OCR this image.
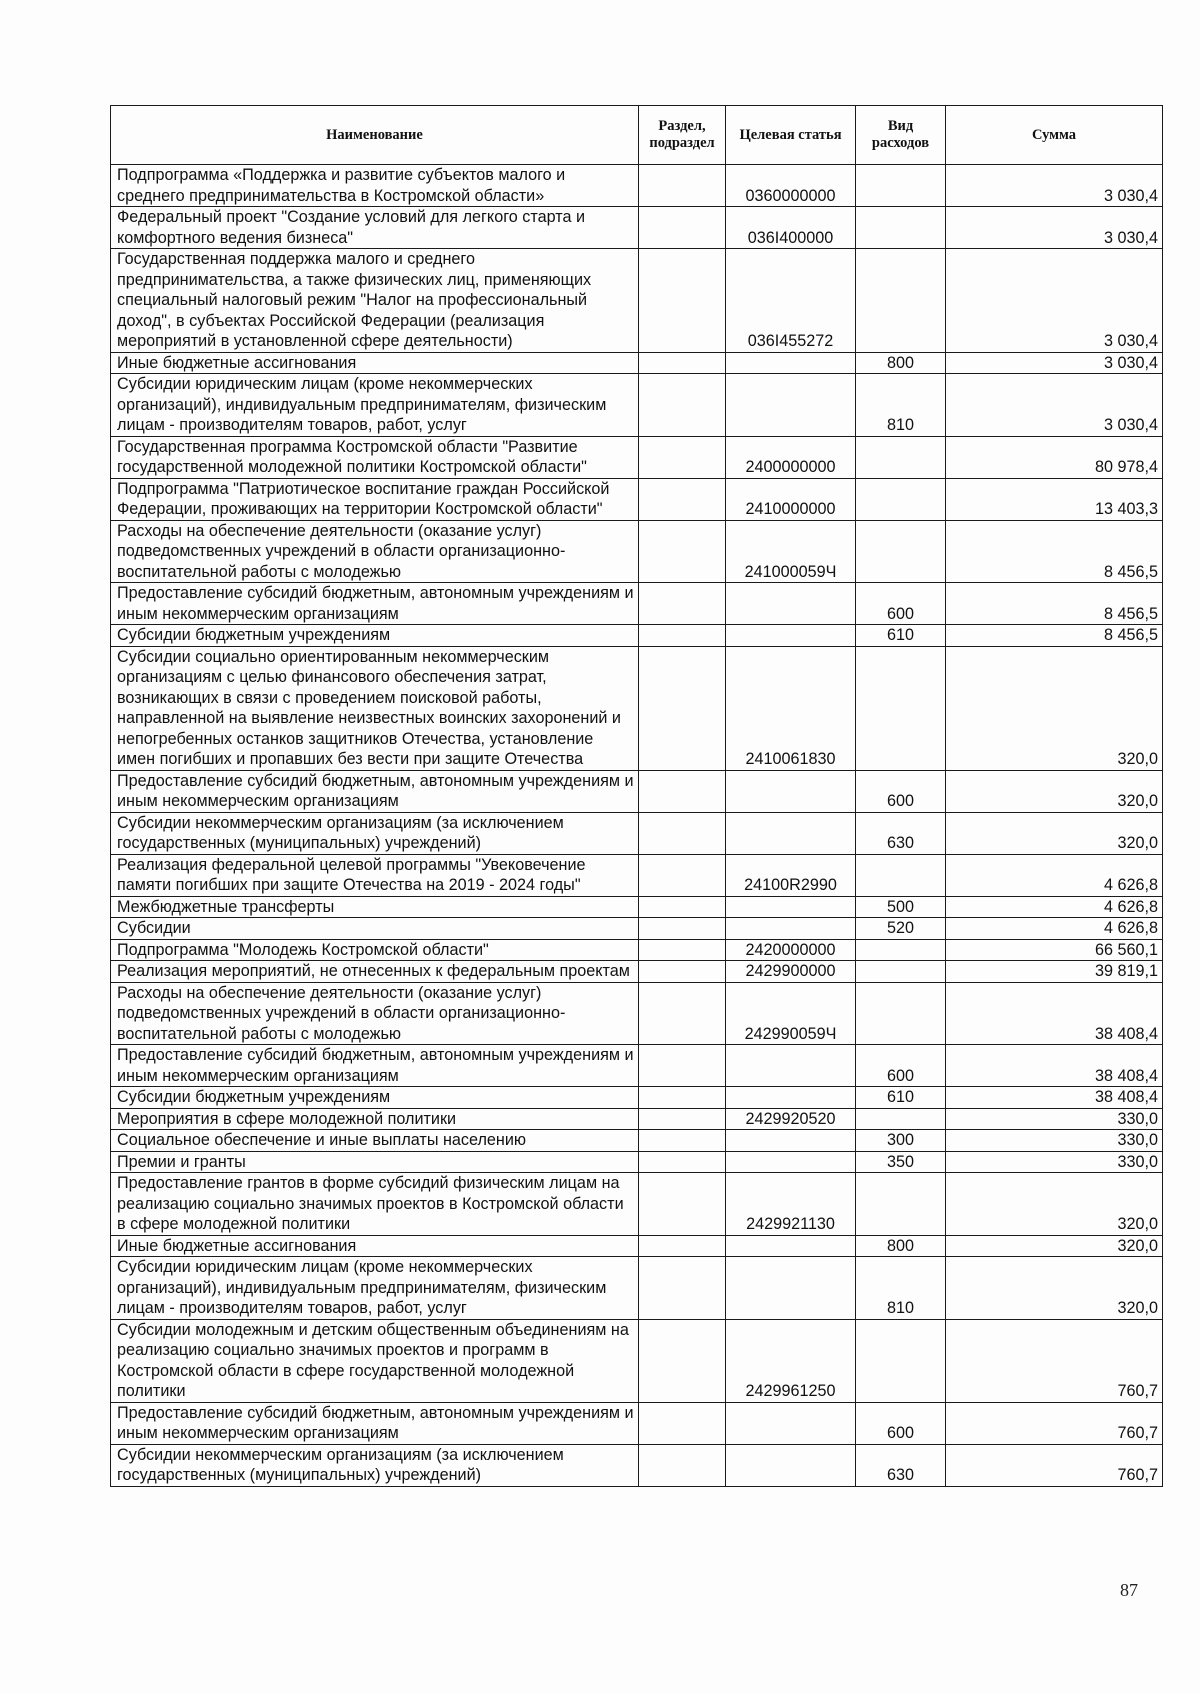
Наименование	Раздел, подраздел	Целевая статья	Вид расходов	Сумма
Подпрограмма «Поддержка и развитие субъектов малого и среднего предпринимательства в Костромской области»		0360000000		3 030,4
Федеральный проект "Создание условий для легкого старта и комфортного ведения бизнеса"		036I400000		3 030,4
Государственная поддержка малого и среднего предпринимательства, а также физических лиц, применяющих специальный налоговый режим "Налог на профессиональный доход", в субъектах Российской Федерации (реализация мероприятий в установленной сфере деятельности)		036I455272		3 030,4
Иные бюджетные ассигнования			800	3 030,4
Субсидии юридическим лицам (кроме некоммерческих организаций), индивидуальным предпринимателям, физическим лицам - производителям товаров, работ, услуг			810	3 030,4
Государственная программа Костромской области "Развитие государственной молодежной политики Костромской области"		2400000000		80 978,4
Подпрограмма "Патриотическое воспитание граждан Российской Федерации, проживающих на территории Костромской области"		2410000000		13 403,3
Расходы на обеспечение деятельности (оказание услуг) подведомственных учреждений в области организационно-воспитательной работы с молодежью		241000059Ч		8 456,5
Предоставление субсидий бюджетным, автономным учреждениям и иным некоммерческим организациям			600	8 456,5
Субсидии бюджетным учреждениям			610	8 456,5
Субсидии социально ориентированным некоммерческим организациям с целью финансового обеспечения затрат, возникающих в связи с проведением поисковой работы, направленной на выявление неизвестных воинских захоронений и непогребенных останков защитников Отечества, установление имен погибших и пропавших без вести при защите Отечества		2410061830		320,0
Предоставление субсидий бюджетным, автономным учреждениям и иным некоммерческим организациям			600	320,0
Субсидии некоммерческим организациям (за исключением государственных (муниципальных) учреждений)			630	320,0
Реализация федеральной целевой программы "Увековечение памяти погибших при защите Отечества на 2019 - 2024 годы"		24100R2990		4 626,8
Межбюджетные трансферты			500	4 626,8
Субсидии			520	4 626,8
Подпрограмма "Молодежь Костромской области"		2420000000		66 560,1
Реализация мероприятий, не отнесенных к федеральным проектам		2429900000		39 819,1
Расходы на обеспечение деятельности (оказание услуг) подведомственных учреждений в области организационно-воспитательной работы с молодежью		242990059Ч		38 408,4
Предоставление субсидий бюджетным, автономным учреждениям и иным некоммерческим организациям			600	38 408,4
Субсидии бюджетным учреждениям			610	38 408,4
Мероприятия в сфере молодежной политики		2429920520		330,0
Социальное обеспечение и иные выплаты населению			300	330,0
Премии и гранты			350	330,0
Предоставление грантов в форме субсидий физическим лицам на реализацию социально значимых проектов в Костромской области в сфере молодежной политики		2429921130		320,0
Иные бюджетные ассигнования			800	320,0
Субсидии юридическим лицам (кроме некоммерческих организаций), индивидуальным предпринимателям, физическим лицам - производителям товаров, работ, услуг			810	320,0
Субсидии молодежным и детским общественным объединениям на реализацию социально значимых проектов и программ в Костромской области в сфере государственной молодежной политики		2429961250		760,7
Предоставление субсидий бюджетным, автономным учреждениям и иным некоммерческим организациям			600	760,7
Субсидии некоммерческим организациям (за исключением государственных (муниципальных) учреждений)			630	760,7
87
